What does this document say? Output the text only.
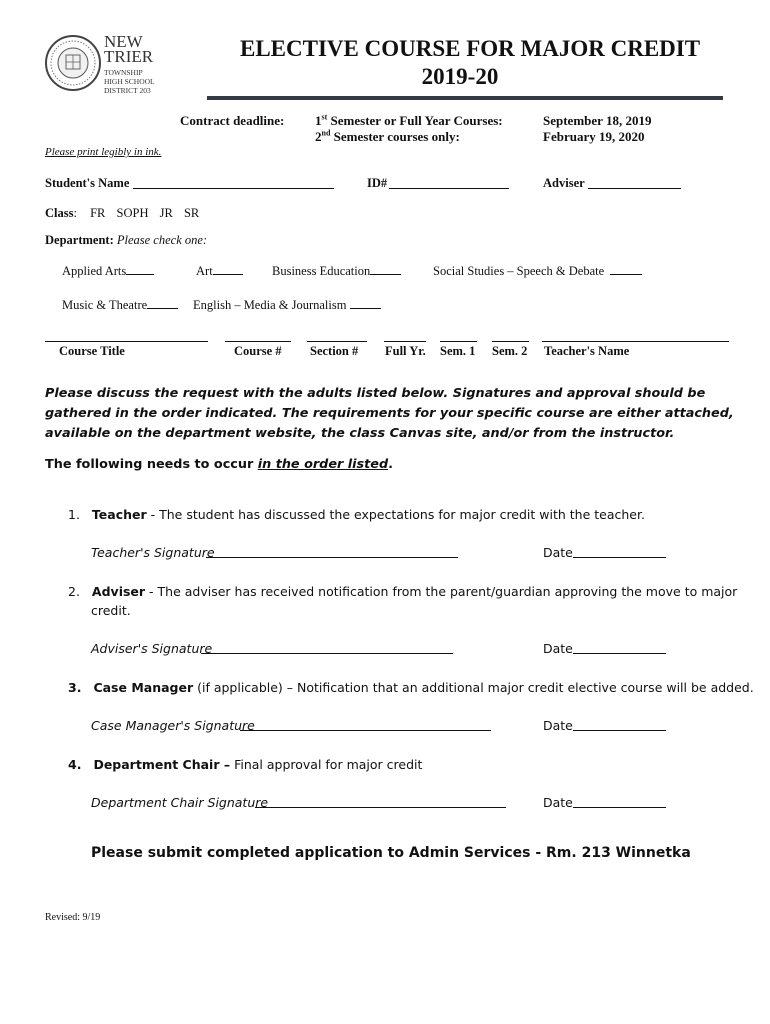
NEW
TRIER
TOWNSHIP
HIGH SCHOOL
DISTRICT 203
ELECTIVE COURSE FOR MAJOR CREDIT
2019-20
Contract deadline: 1st Semester or Full Year Courses:	September 18, 2019
2nd Semester courses only:	February 19, 2020
Please print legibly in ink.
Student's Name	ID#	Adviser
Class: FR SOPH JR SR
Department: Please check one:
Applied Arts	Art	Business Education	Social Studies – Speech & Debate
Music & Theatre	English – Media & Journalism
Course Title	Course # Section # Full Yr. Sem. 1 Sem. 2 Teacher's Name
Please discuss the request with the adults listed below. Signatures and approval should be gathered in the order indicated. The requirements for your specific course are either attached, available on the department website, the class Canvas site, and/or from the instructor.
The following needs to occur in the order listed.
1. Teacher - The student has discussed the expectations for major credit with the teacher.
Teacher's Signature	Date
2. Adviser - The adviser has received notification from the parent/guardian approving the move to major
credit.
Adviser's Signature	Date
3. Case Manager (if applicable) – Notification that an additional major credit elective course will be added.
Case Manager's Signature	Date
4. Department Chair – Final approval for major credit
Department Chair Signature	Date
Please submit completed application to Admin Services - Rm. 213 Winnetka
Revised: 9/19
